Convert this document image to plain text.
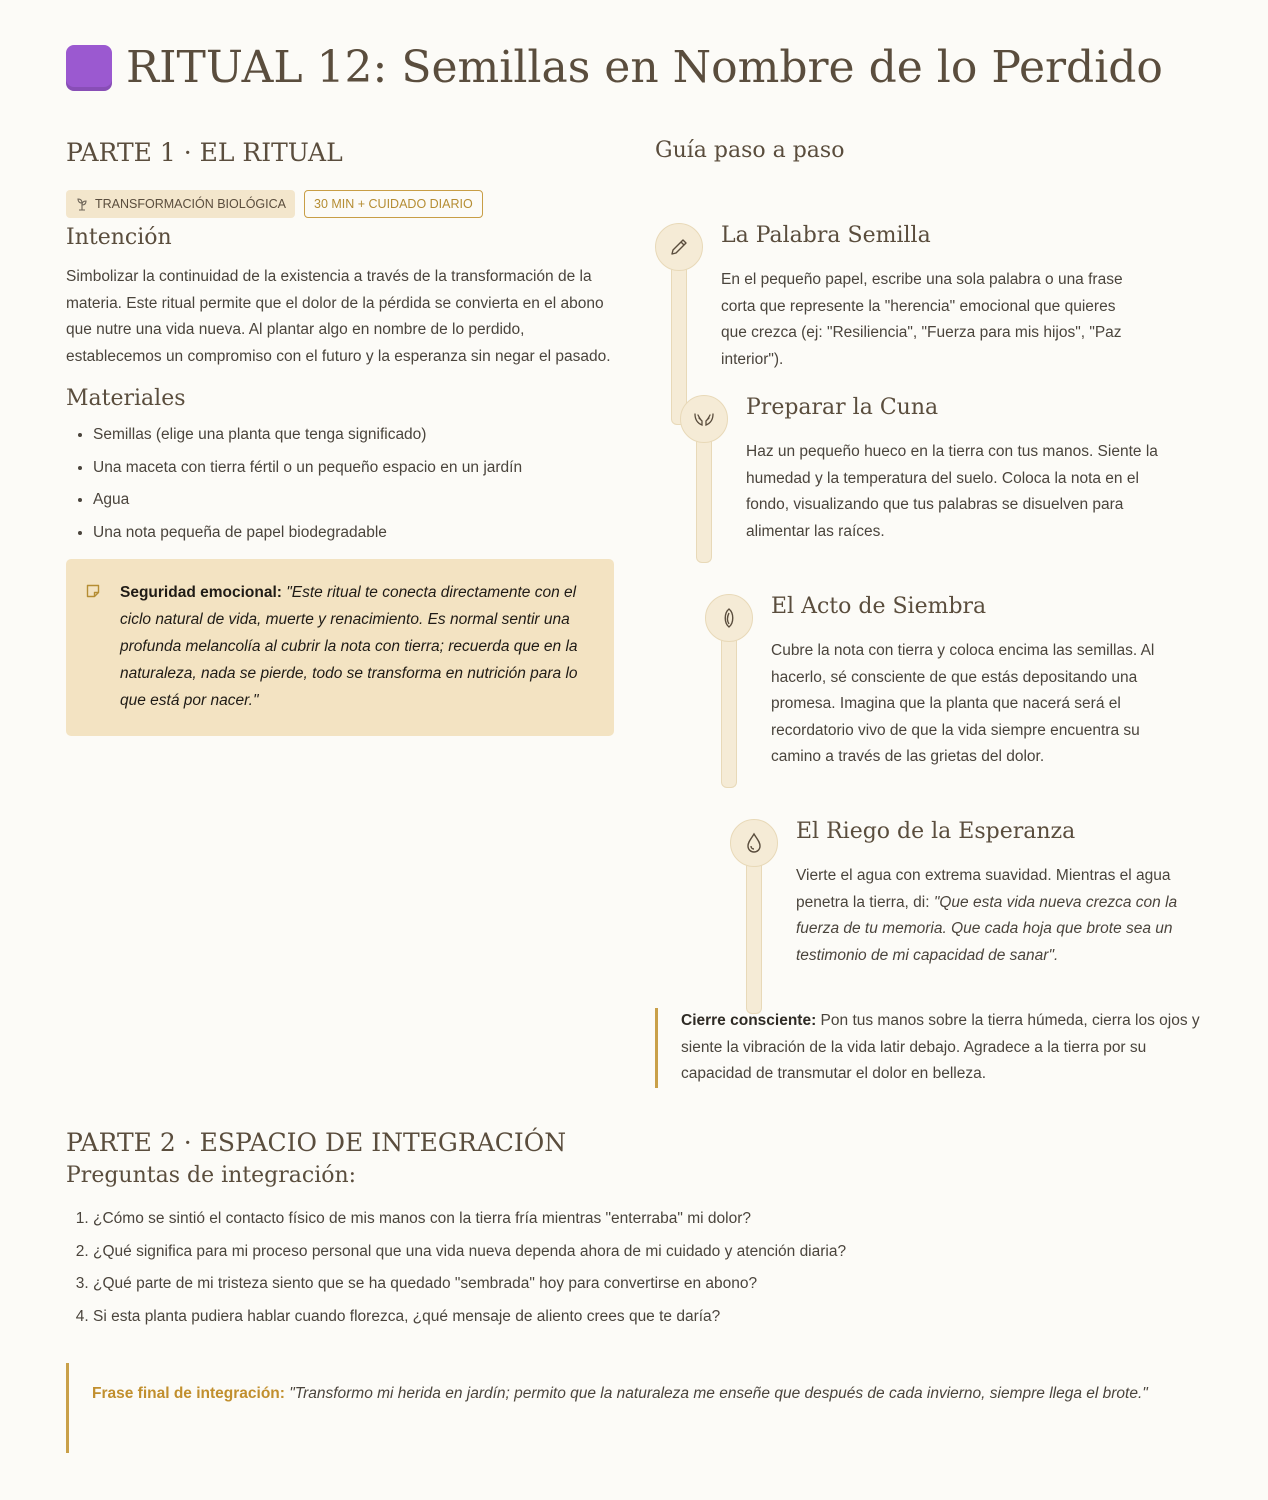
RITUAL 12: Semillas en Nombre de lo Perdido
PARTE 1 · EL RITUAL
TRANSFORMACIÓN BIOLÓGICA 30 MIN + CUIDADO DIARIO
Intención

Simbolizar la continuidad de la existencia a través de la transformación de la materia. Este ritual permite que el dolor de la pérdida se convierta en el abono que nutre una vida nueva. Al plantar algo en nombre de lo perdido, establecemos un compromiso con el futuro y la esperanza sin negar el pasado.

Materiales
• Semillas (elige una planta que tenga significado)
• Una maceta con tierra fértil o un pequeño espacio en un jardín
• Agua
• Una nota pequeña de papel biodegradable
Seguridad emocional: "Este ritual te conecta directamente con el ciclo natural de vida, muerte y renacimiento. Es normal sentir una profunda melancolía al cubrir la nota con tierra; recuerda que en la naturaleza, nada se pierde, todo se transforma en nutrición para lo que está por nacer."
Guía paso a paso
La Palabra Semilla
En el pequeño papel, escribe una sola palabra o una frase corta que represente la "herencia" emocional que quieres que crezca (ej: "Resiliencia", "Fuerza para mis hijos", "Paz interior").
Preparar la Cuna
Haz un pequeño hueco en la tierra con tus manos. Siente la humedad y la temperatura del suelo. Coloca la nota en el fondo, visualizando que tus palabras se disuelven para alimentar las raíces.
El Acto de Siembra
Cubre la nota con tierra y coloca encima las semillas. Al hacerlo, sé consciente de que estás depositando una promesa. Imagina que la planta que nacerá será el recordatorio vivo de que la vida siempre encuentra su camino a través de las grietas del dolor.
El Riego de la Esperanza
Vierte el agua con extrema suavidad. Mientras el agua penetra la tierra, di: "Que esta vida nueva crezca con la fuerza de tu memoria. Que cada hoja que brote sea un testimonio de mi capacidad de sanar".
Cierre consciente: Pon tus manos sobre la tierra húmeda, cierra los ojos y siente la vibración de la vida latir debajo. Agradece a la tierra por su capacidad de transmutar el dolor en belleza.
PARTE 2 · ESPACIO DE INTEGRACIÓN
Preguntas de integración:
1. ¿Cómo se sintió el contacto físico de mis manos con la tierra fría mientras "enterraba" mi dolor?
2. ¿Qué significa para mi proceso personal que una vida nueva dependa ahora de mi cuidado y atención diaria?
3. ¿Qué parte de mi tristeza siento que se ha quedado "sembrada" hoy para convertirse en abono?
4. Si esta planta pudiera hablar cuando florezca, ¿qué mensaje de aliento crees que te daría?
Frase final de integración: "Transformo mi herida en jardín; permito que la naturaleza me enseñe que después de cada invierno, siempre llega el brote."
